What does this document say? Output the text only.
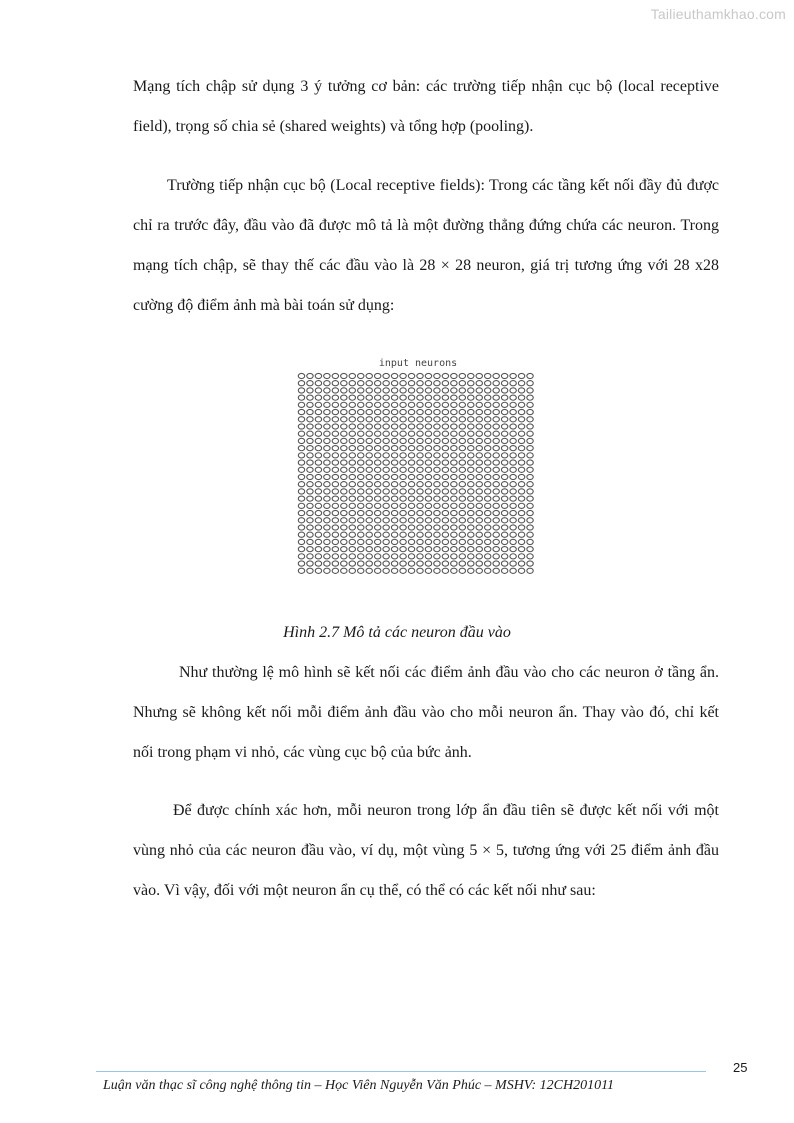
Tailieuthamkhao.com

Mạng tích chập sử dụng 3 ý tưởng cơ bản: các trường tiếp nhận cục bộ (local receptive field), trọng số chia sẻ (shared weights) và tổng hợp (pooling).

Trường tiếp nhận cục bộ (Local receptive fields): Trong các tầng kết nối đầy đủ được chỉ ra trước đây, đầu vào đã được mô tả là một đường thẳng đứng chứa các neuron. Trong mạng tích chập, sẽ thay thế các đầu vào là 28 × 28 neuron, giá trị tương ứng với 28 x28 cường độ điểm ảnh mà bài toán sử dụng:

input neurons
Hình 2.7 Mô tả các neuron đầu vào

Như thường lệ mô hình sẽ kết nối các điểm ảnh đầu vào cho các neuron ở tầng ẩn. Nhưng sẽ không kết nối mỗi điểm ảnh đầu vào cho mỗi neuron ẩn. Thay vào đó, chỉ kết nối trong phạm vi nhỏ, các vùng cục bộ của bức ảnh.

Để được chính xác hơn, mỗi neuron trong lớp ẩn đầu tiên sẽ được kết nối với một vùng nhỏ của các neuron đầu vào, ví dụ, một vùng 5 × 5, tương ứng với 25 điểm ảnh đầu vào. Vì vậy, đối với một neuron ẩn cụ thể, có thể có các kết nối như sau:

25
Luận văn thạc sĩ công nghệ thông tin – Học Viên Nguyễn Văn Phúc – MSHV: 12CH201011
